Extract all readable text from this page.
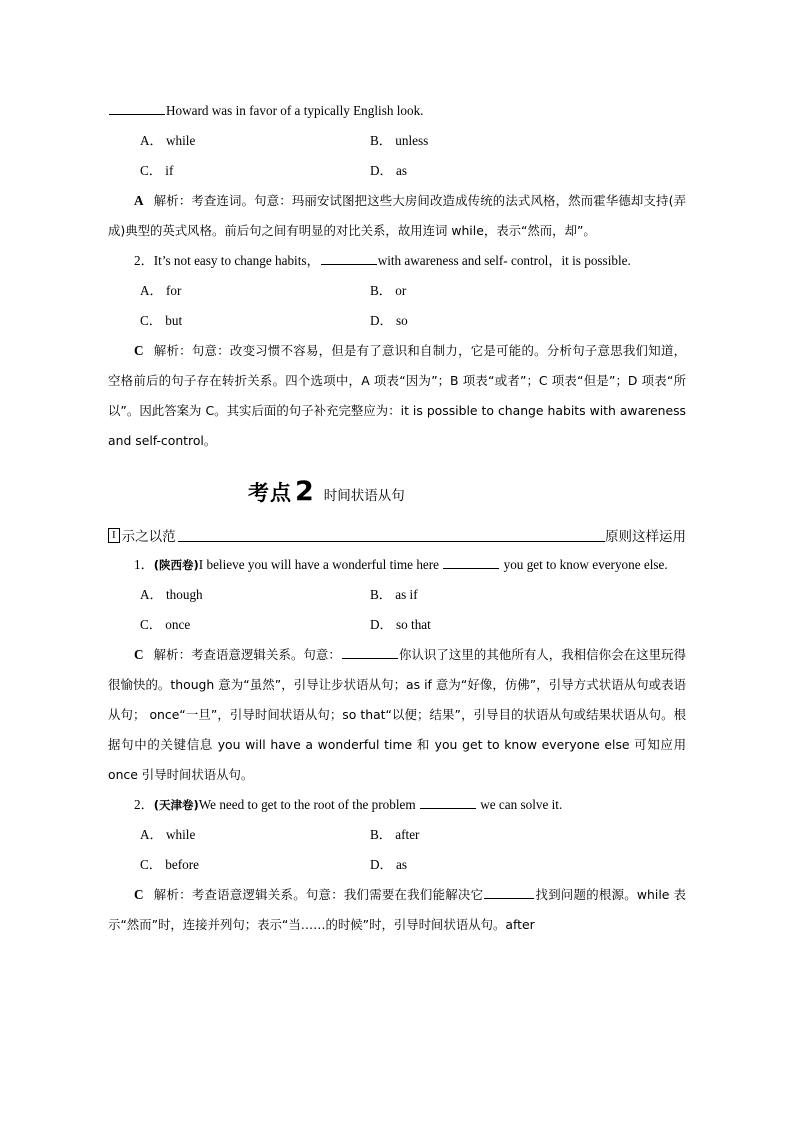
Howard was in favor of a typically English look.
A． while	B． unless
C． if	D． as
A 解析：考查连词。句意：玛丽安试图把这些大房间改造成传统的法式风格，然而霍华德却支持(弄成)典型的英式风格。前后句之间有明显的对比关系，故用连词 while，表示“然而，却”。
2．It’s not easy to change habits，	with awareness and self- control，it is possible.
A． for	B． or
C． but	D． so
C 解析：句意：改变习惯不容易，但是有了意识和自制力，它是可能的。分析句子意思我们知道，空格前后的句子存在转折关系。四个选项中，A 项表“因为”；B 项表“或者”；C 项表“但是”；D 项表“所以”。因此答案为 C。其实后面的句子补充完整应为：it is possible to change habits with awareness and self-control。
考点 2 时间状语从句
I 示之以范	原则这样运用
1．(陕西卷)I believe you will have a wonderful time here	you get to know everyone else.
A． though	B． as if
C． once	D． so that
C 解析：考查语意逻辑关系。句意：	你认识了这里的其他所有人，我相信你会在这里玩得很愉快的。though 意为“虽然”，引导让步状语从句；as if 意为“好像，仿佛”，引导方式状语从句或表语从句； once“一旦”，引导时间状语从句；so that“以便；结果”，引导目的状语从句或结果状语从句。根据句中的关键信息 you will have a wonderful time 和 you get to know everyone else 可知应用 once 引导时间状语从句。
2．(天津卷)We need to get to the root of the problem	we can solve it.
A． while	B． after
C． before	D． as
C 解析：考查语意逻辑关系。句意：我们需要在我们能解决它	找到问题的根源。while 表示“然而”时，连接并列句；表示“当……的时候”时，引导时间状语从句。after
